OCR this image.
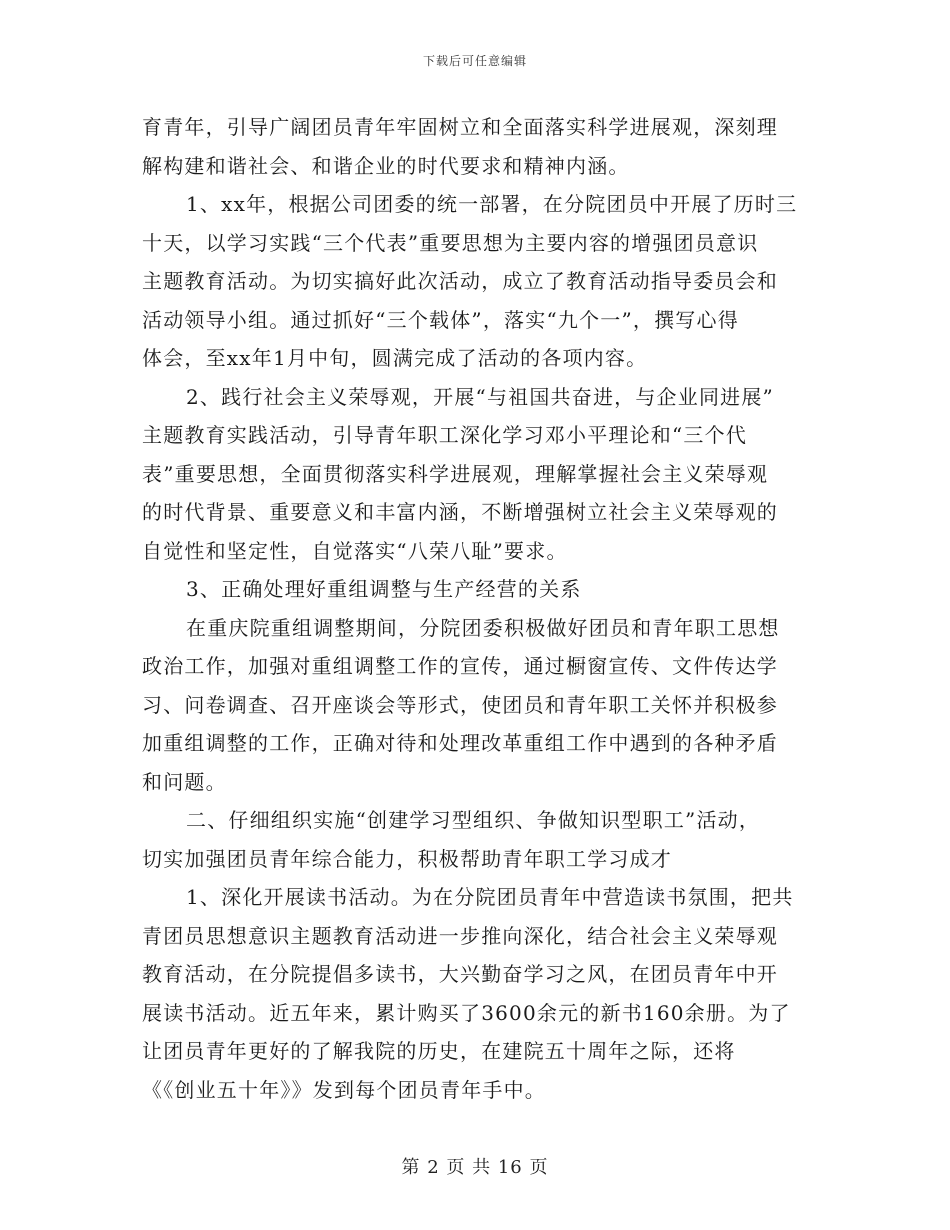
下载后可任意编辑
育青年，引导广阔团员青年牢固树立和全面落实科学进展观，深刻理
解构建和谐社会、和谐企业的时代要求和精神内涵。
1、xx年，根据公司团委的统一部署，在分院团员中开展了历时三
十天，以学习实践“三个代表”重要思想为主要内容的增强团员意识
主题教育活动。为切实搞好此次活动，成立了教育活动指导委员会和
活动领导小组。通过抓好“三个载体”，落实“九个一”，撰写心得
体会，至xx年1月中旬，圆满完成了活动的各项内容。
2、践行社会主义荣辱观，开展“与祖国共奋进，与企业同进展”
主题教育实践活动，引导青年职工深化学习邓小平理论和“三个代
表”重要思想，全面贯彻落实科学进展观，理解掌握社会主义荣辱观
的时代背景、重要意义和丰富内涵，不断增强树立社会主义荣辱观的
自觉性和坚定性，自觉落实“八荣八耻”要求。
3、正确处理好重组调整与生产经营的关系
在重庆院重组调整期间，分院团委积极做好团员和青年职工思想
政治工作，加强对重组调整工作的宣传，通过橱窗宣传、文件传达学
习、问卷调查、召开座谈会等形式，使团员和青年职工关怀并积极参
加重组调整的工作，正确对待和处理改革重组工作中遇到的各种矛盾
和问题。
二、仔细组织实施“创建学习型组织、争做知识型职工”活动，
切实加强团员青年综合能力，积极帮助青年职工学习成才
1、深化开展读书活动。为在分院团员青年中营造读书氛围，把共
青团员思想意识主题教育活动进一步推向深化，结合社会主义荣辱观
教育活动，在分院提倡多读书，大兴勤奋学习之风，在团员青年中开
展读书活动。近五年来，累计购买了3600余元的新书160余册。为了
让团员青年更好的了解我院的历史，在建院五十周年之际，还将
《《创业五十年》》发到每个团员青年手中。
第 2 页 共 16 页
